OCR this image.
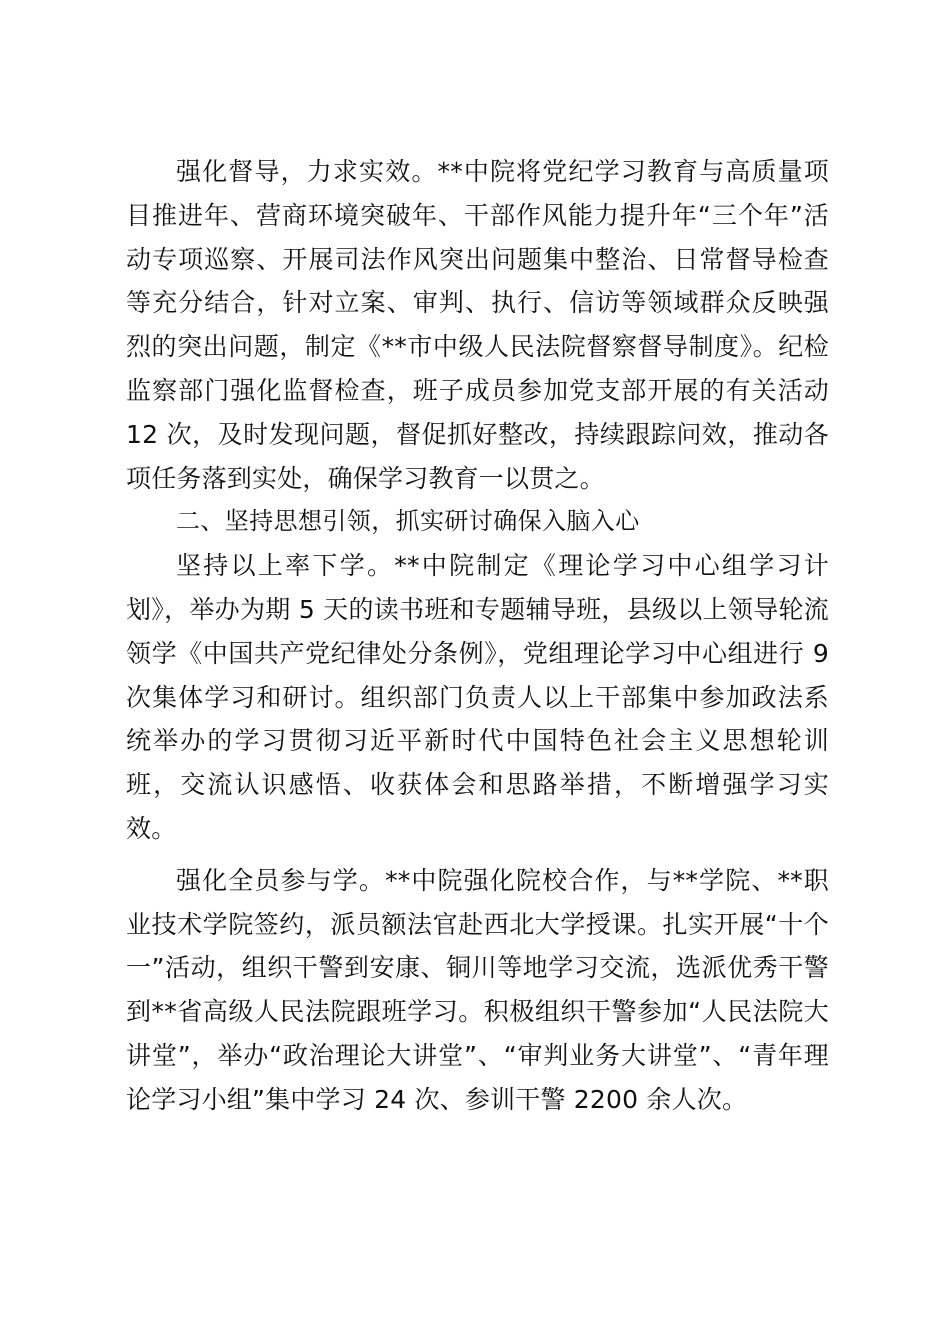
强化督导，力求实效。**中院将党纪学习教育与高质量项目推进年、营商环境突破年、干部作风能力提升年“三个年”活动专项巡察、开展司法作风突出问题集中整治、日常督导检查等充分结合，针对立案、审判、执行、信访等领域群众反映强烈的突出问题，制定《**市中级人民法院督察督导制度》。纪检监察部门强化监督检查，班子成员参加党支部开展的有关活动 12 次，及时发现问题，督促抓好整改，持续跟踪问效，推动各项任务落到实处，确保学习教育一以贯之。

二、坚持思想引领，抓实研讨确保入脑入心

坚持以上率下学。**中院制定《理论学习中心组学习计划》，举办为期 5 天的读书班和专题辅导班，县级以上领导轮流领学《中国共产党纪律处分条例》，党组理论学习中心组进行 9 次集体学习和研讨。组织部门负责人以上干部集中参加政法系统举办的学习贯彻习近平新时代中国特色社会主义思想轮训班，交流认识感悟、收获体会和思路举措，不断增强学习实效。

强化全员参与学。**中院强化院校合作，与**学院、**职业技术学院签约，派员额法官赴西北大学授课。扎实开展“十个一”活动，组织干警到安康、铜川等地学习交流，选派优秀干警到**省高级人民法院跟班学习。积极组织干警参加“人民法院大讲堂”，举办“政治理论大讲堂”、“审判业务大讲堂”、“青年理论学习小组”集中学习 24 次、参训干警 2200 余人次。
